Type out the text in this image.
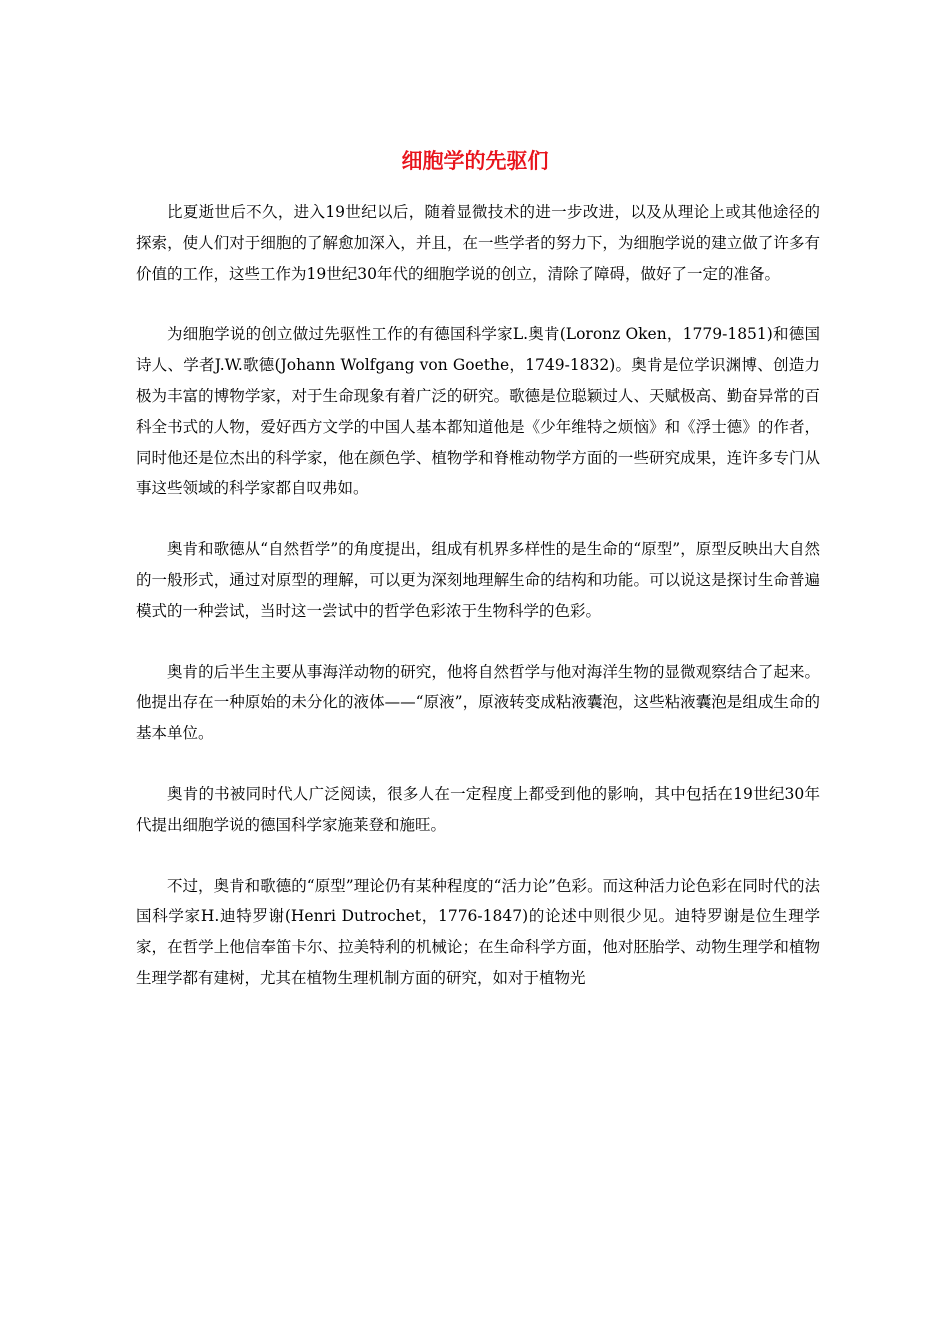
细胞学的先驱们

比夏逝世后不久，进入19世纪以后，随着显微技术的进一步改进，以及从理论上或其他途径的探索，使人们对于细胞的了解愈加深入，并且，在一些学者的努力下，为细胞学说的建立做了许多有价值的工作，这些工作为19世纪30年代的细胞学说的创立，清除了障碍，做好了一定的准备。

为细胞学说的创立做过先驱性工作的有德国科学家L.奥肯(Loronz Oken，1779-1851)和德国诗人、学者J.W.歌德(Johann Wolfgang von Goethe，1749-1832)。奥肯是位学识渊博、创造力极为丰富的博物学家，对于生命现象有着广泛的研究。歌德是位聪颖过人、天赋极高、勤奋异常的百科全书式的人物，爱好西方文学的中国人基本都知道他是《少年维特之烦恼》和《浮士德》的作者，同时他还是位杰出的科学家，他在颜色学、植物学和脊椎动物学方面的一些研究成果，连许多专门从事这些领域的科学家都自叹弗如。

奥肯和歌德从“自然哲学”的角度提出，组成有机界多样性的是生命的“原型”，原型反映出大自然的一般形式，通过对原型的理解，可以更为深刻地理解生命的结构和功能。可以说这是探讨生命普遍模式的一种尝试，当时这一尝试中的哲学色彩浓于生物科学的色彩。

奥肯的后半生主要从事海洋动物的研究，他将自然哲学与他对海洋生物的显微观察结合了起来。他提出存在一种原始的未分化的液体——“原液”，原液转变成粘液囊泡，这些粘液囊泡是组成生命的基本单位。

奥肯的书被同时代人广泛阅读，很多人在一定程度上都受到他的影响，其中包括在19世纪30年代提出细胞学说的德国科学家施莱登和施旺。

不过，奥肯和歌德的“原型”理论仍有某种程度的“活力论”色彩。而这种活力论色彩在同时代的法国科学家H.迪特罗谢(Henri Dutrochet，1776-1847)的论述中则很少见。迪特罗谢是位生理学家，在哲学上他信奉笛卡尔、拉美特利的机械论；在生命科学方面，他对胚胎学、动物生理学和植物生理学都有建树，尤其在植物生理机制方面的研究，如对于植物光
